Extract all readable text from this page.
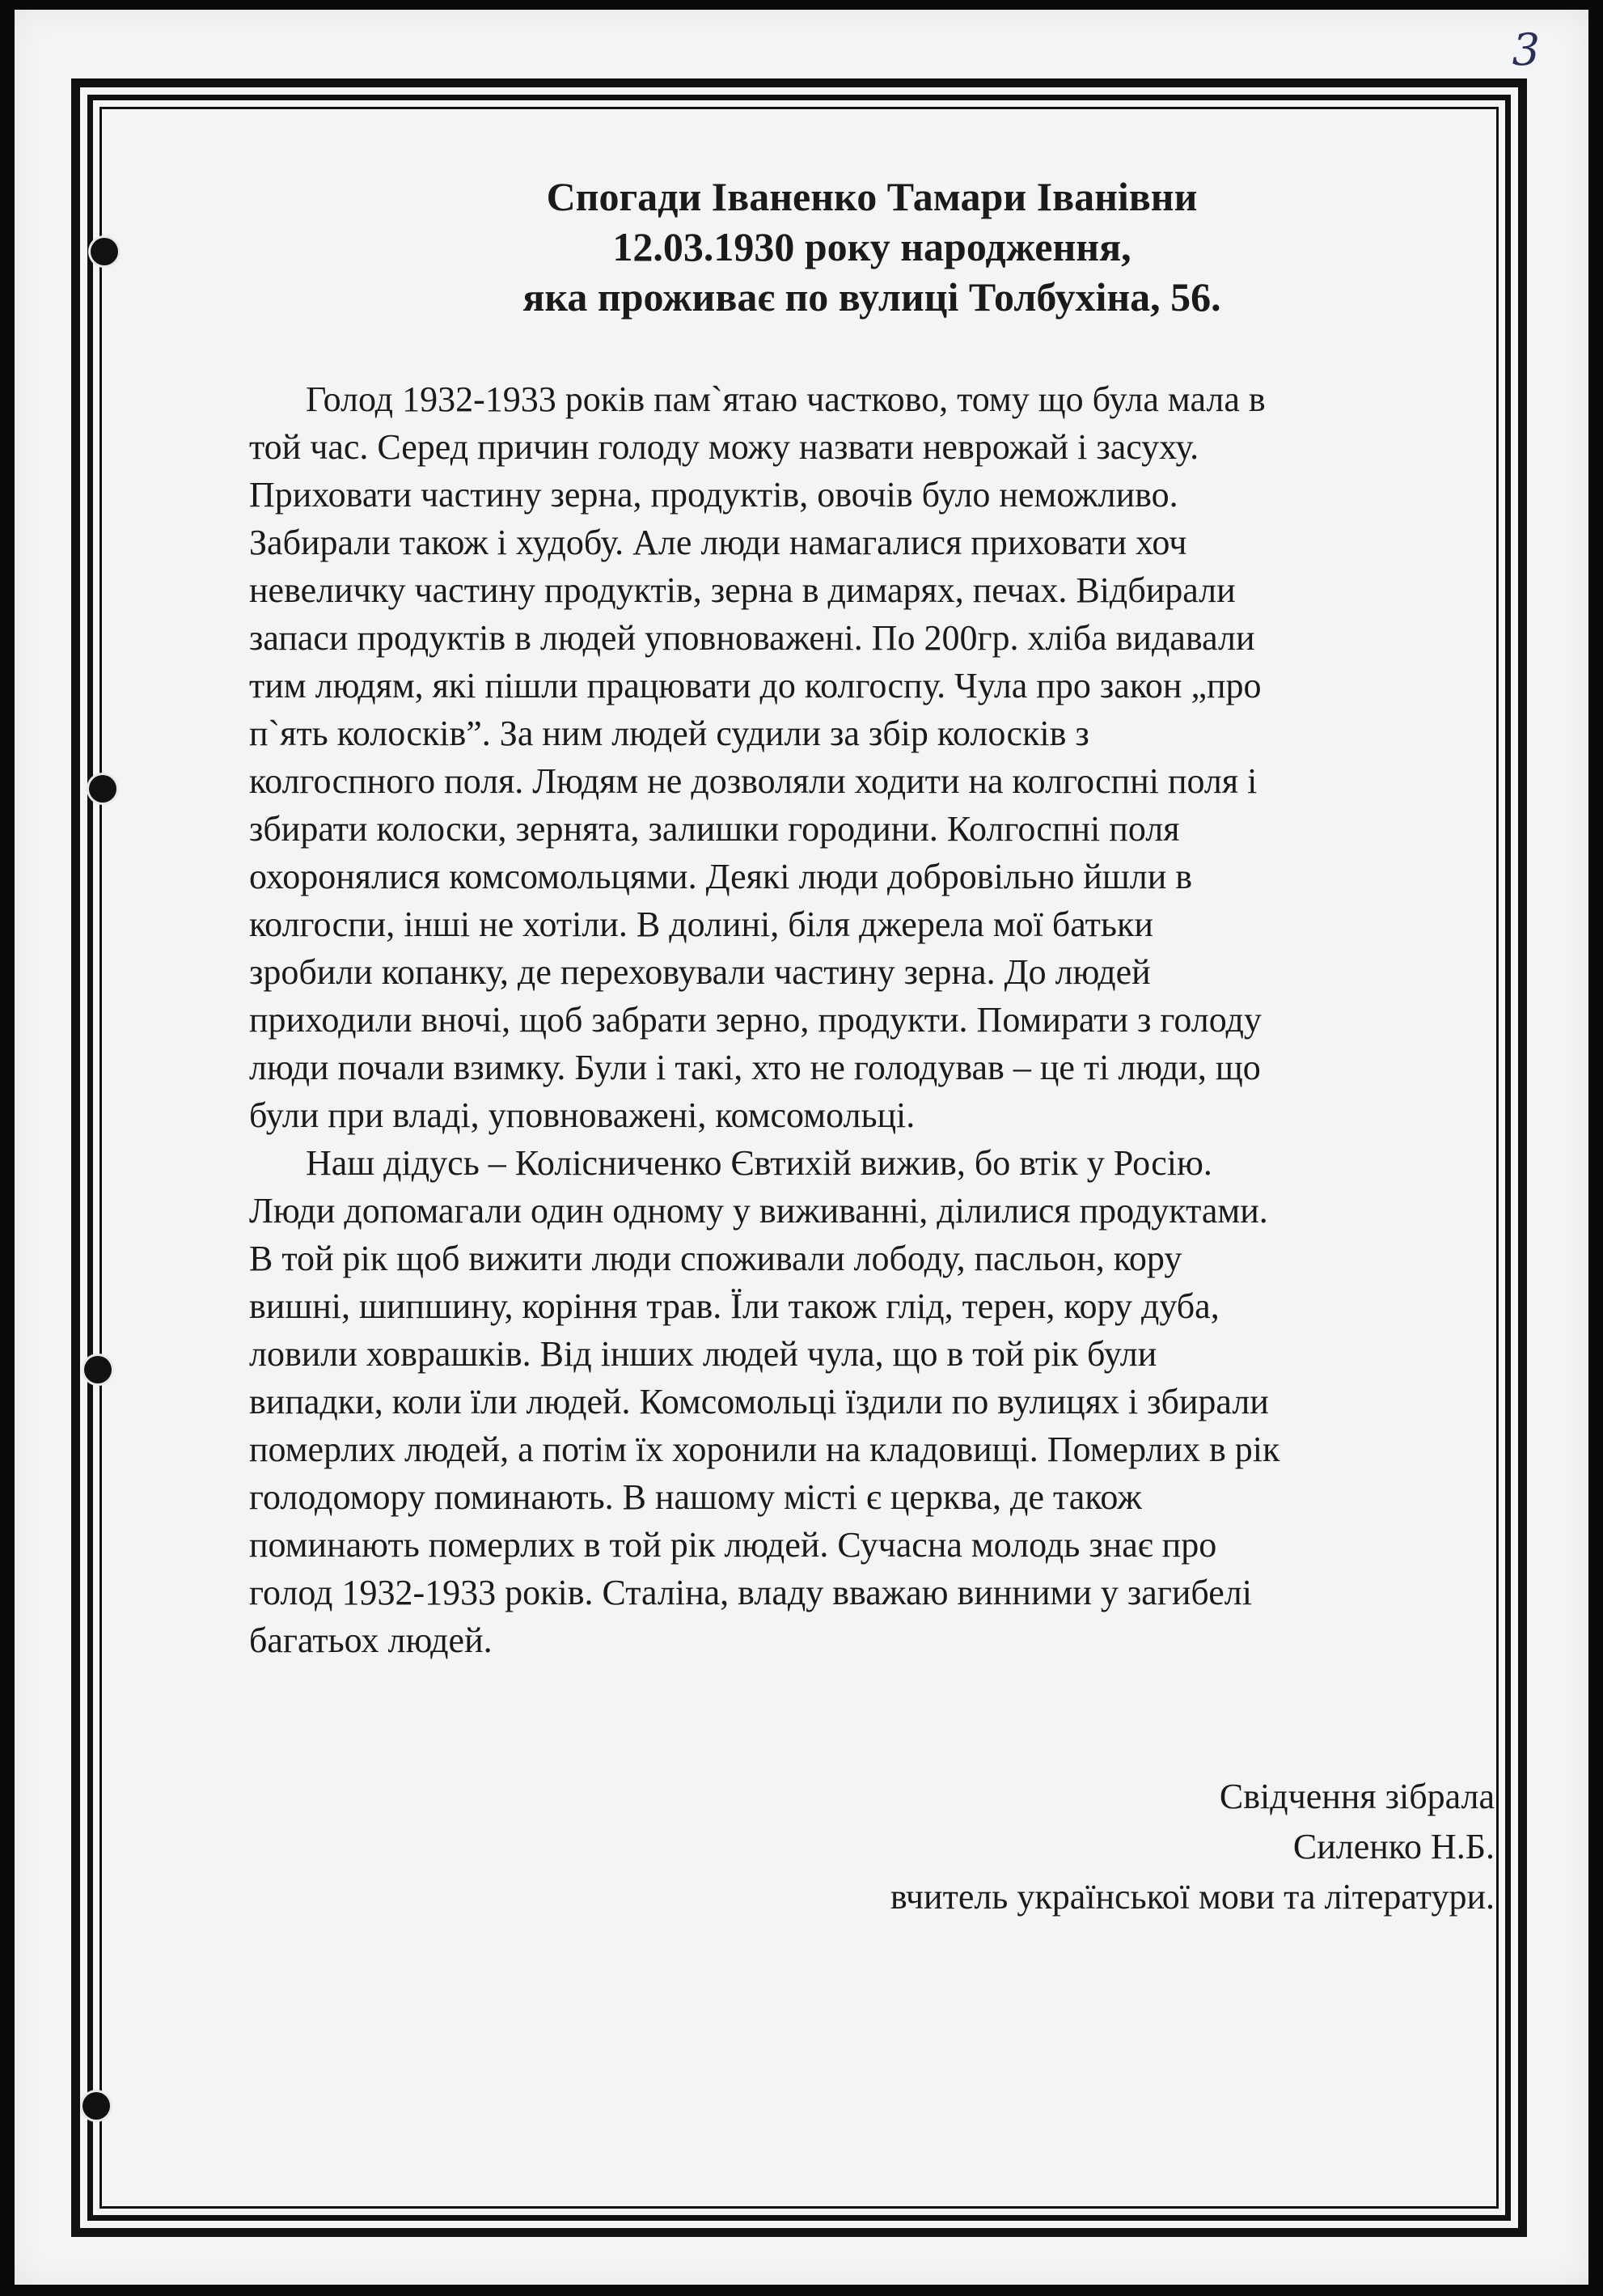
3
Спогади Іваненко Тамари Іванівни
12.03.1930 року народження,
яка проживає по вулиці Толбухіна, 56.
Голод 1932-1933 років пам`ятаю частково, тому що була мала в
той час. Серед причин голоду можу назвати неврожай і засуху.
Приховати частину зерна, продуктів, овочів було неможливо.
Забирали також і худобу. Але люди намагалися приховати хоч
невеличку частину продуктів, зерна в димарях, печах. Відбирали
запаси продуктів в людей уповноважені. По 200гр. хліба видавали
тим людям, які пішли працювати до колгоспу. Чула про закон „про
п`ять колосків”. За ним людей судили за збір колосків з
колгоспного поля. Людям не дозволяли ходити на колгоспні поля і
збирати колоски, зернята, залишки городини. Колгоспні поля
охоронялися комсомольцями. Деякі люди добровільно йшли в
колгоспи, інші не хотіли. В долині, біля джерела мої батьки
зробили копанку, де переховували частину зерна. До людей
приходили вночі, щоб забрати зерно, продукти. Помирати з голоду
люди почали взимку. Були і такі, хто не голодував – це ті люди, що
були при владі, уповноважені, комсомольці.
Наш дідусь – Колісниченко Євтихій вижив, бо втік у Росію.
Люди допомагали один одному у виживанні, ділилися продуктами.
В той рік щоб вижити люди споживали лободу, пасльон, кору
вишні, шипшину, коріння трав. Їли також глід, терен, кору дуба,
ловили ховрашків. Від інших людей чула, що в той рік були
випадки, коли їли людей. Комсомольці їздили по вулицях і збирали
померлих людей, а потім їх хоронили на кладовищі. Померлих в рік
голодомору поминають. В нашому місті є церква, де також
поминають померлих в той рік людей. Сучасна молодь знає про
голод 1932-1933 років. Сталіна, владу вважаю винними у загибелі
багатьох людей.
Свідчення зібрала
Силенко Н.Б.
вчитель української мови та літератури.
